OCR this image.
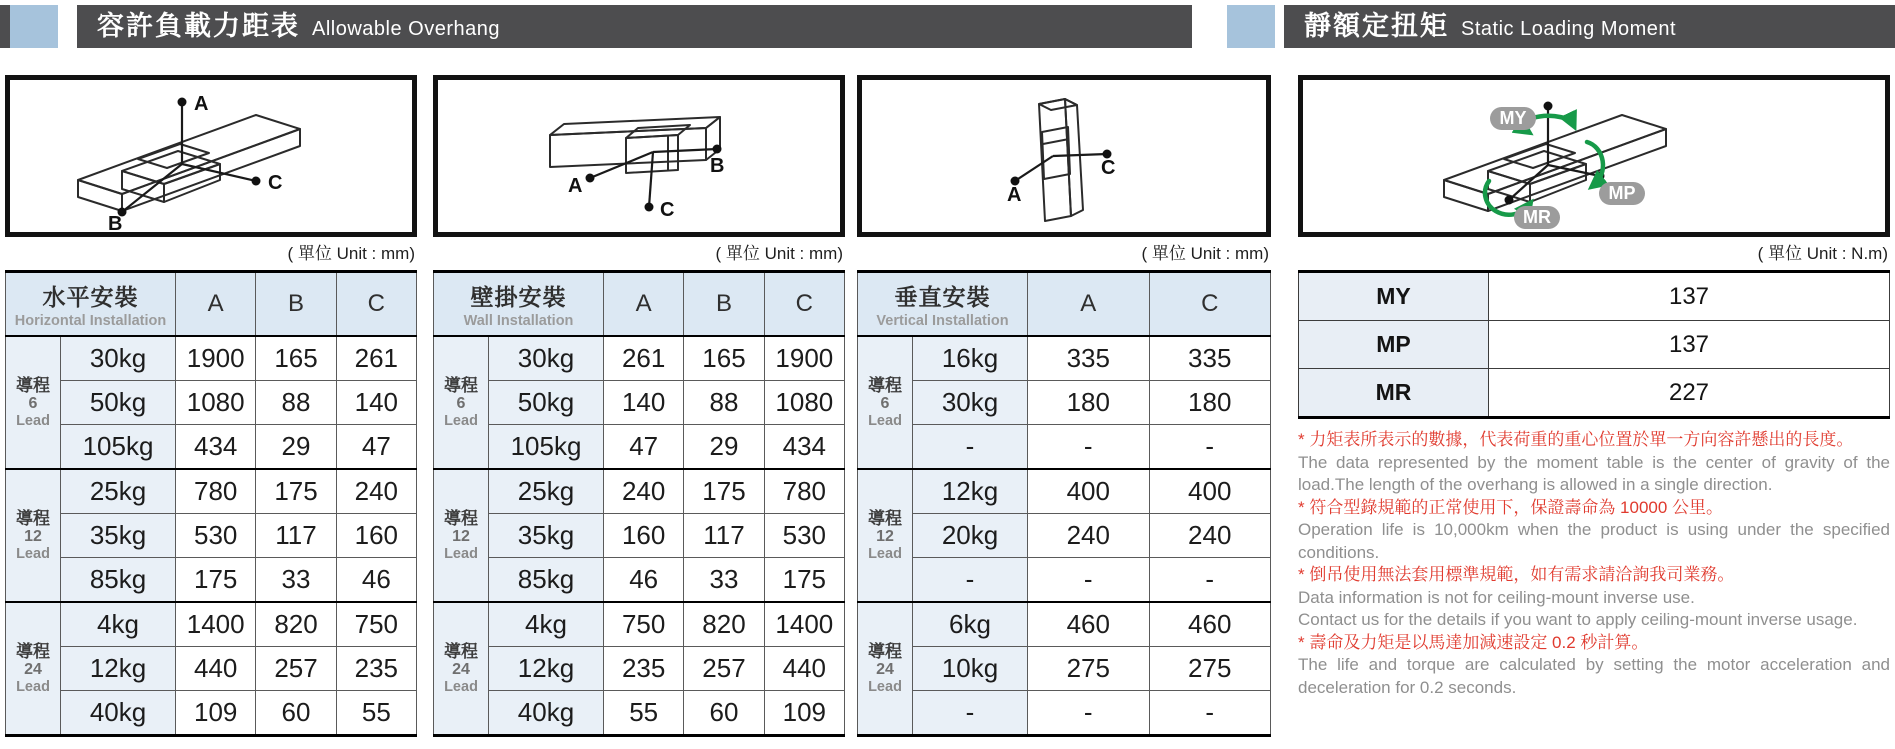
容許負載力距表 Allowable Overhang	靜額定扭矩 Static Loading Moment
A
C
B
( 單位 Unit : mm)
水平安裝
Horizontal Installation		A	B	C

導程
6
Lead	30kg	1900	165	261
	50kg	1080	88	140
	105kg	434	29	47

導程
12
Lead	25kg	780	175	240
	35kg	530	117	160
	85kg	175	33	46

導程
24
Lead	4kg	1400	820	750
	12kg	440	257	235
	40kg	109	60	55
A
C
B
( 單位 Unit : mm)
壁掛安裝
Wall Installation		A	B	C

導程
6
Lead	30kg	261	165	1900
	50kg	140	88	1080
	105kg	47	29	434

導程
12
Lead	25kg	240	175	780
	35kg	160	117	530
	85kg	46	33	175

導程
24
Lead	4kg	750	820	1400
	12kg	235	257	440
	40kg	55	60	109
A
C
( 單位 Unit : mm)
垂直安裝
Vertical Installation		A	C

導程
6
Lead	16kg	335	335
	30kg	180	180
	-	-	-

導程
12
Lead	12kg	400	400
	20kg	240	240
	-	-	-

導程
24
Lead	6kg	460	460
	10kg	275	275
	-	-	-
MY
MP
MR
( 單位 Unit : N.m)
MY	137
MP	137
MR	227
* 力矩表所表示的數據，代表荷重的重心位置於單一方向容許懸出的長度。
The data represented by the moment table is the center of gravity of the load.The length of the overhang is allowed in a single direction.
* 符合型錄規範的正常使用下，保證壽命為 10000 公里。
Operation life is 10,000km when the product is using under the specified conditions.
* 倒吊使用無法套用標準規範，如有需求請洽詢我司業務。
Data information is not for ceiling-mount inverse use.
Contact us for the details if you want to apply ceiling-mount inverse usage.
* 壽命及力矩是以馬達加減速設定 0.2 秒計算。
The life and torque are calculated by setting the motor acceleration and deceleration for 0.2 seconds.
